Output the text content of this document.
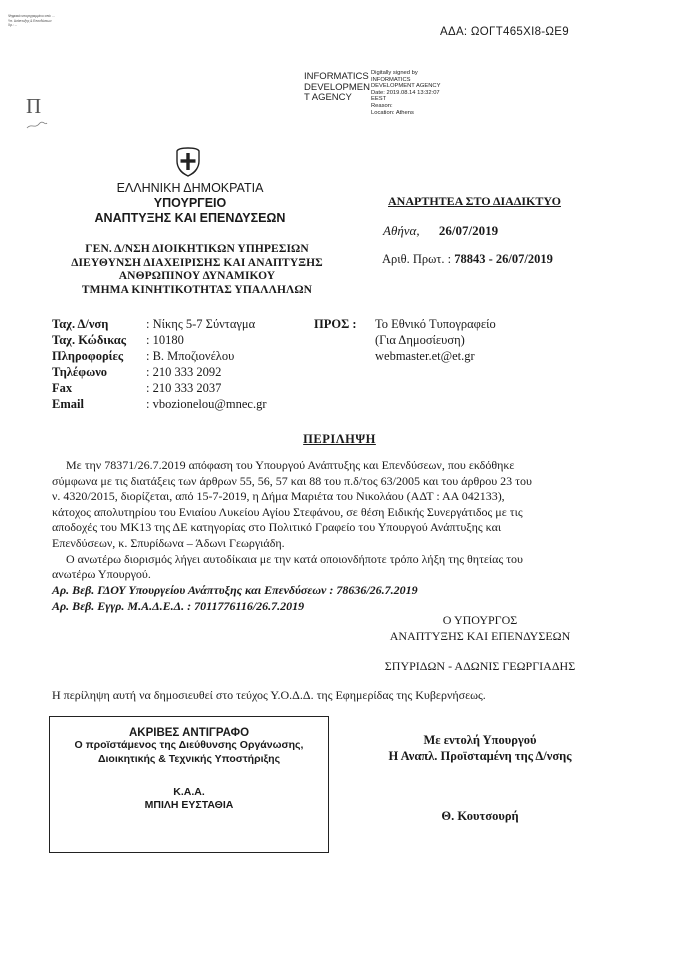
Ψηφιακά υπογεγραμμένο από: ...
Υπ. Ανάπτυξης & Επενδύσεων
Χρ.: ...
Π
ΑΔΑ: ΩΟΓΤ465ΧΙ8-ΩΕ9
INFORMATICS
DEVELOPMEN
T AGENCY
Digitally signed by
INFORMATICS
DEVELOPMENT AGENCY
Date: 2019.08.14 13:32:07
EEST
Reason:
Location: Athens
ΕΛΛΗΝΙΚΗ ΔΗΜΟΚΡΑΤΙΑ
ΥΠΟΥΡΓΕΙΟ
ΑΝΑΠΤΥΞΗΣ ΚΑΙ ΕΠΕΝΔΥΣΕΩΝ
ΑΝΑΡΤΗΤΕΑ ΣΤΟ ΔΙΑΔΙΚΤΥΟ
Αθήνα, 26/07/2019
Αριθ. Πρωτ. : 78843 - 26/07/2019
ΓΕΝ. Δ/ΝΣΗ ΔΙΟΙΚΗΤΙΚΩΝ ΥΠΗΡΕΣΙΩΝ
ΔΙΕΥΘΥΝΣΗ ΔΙΑΧΕΙΡΙΣΗΣ ΚΑΙ ΑΝΑΠΤΥΞΗΣ
ΑΝΘΡΩΠΙΝΟΥ ΔΥΝΑΜΙΚΟΥ
ΤΜΗΜΑ ΚΙΝΗΤΙΚΟΤΗΤΑΣ ΥΠΑΛΛΗΛΩΝ
Ταχ. Δ/νση	: Νίκης 5-7 Σύνταγμα
Ταχ. Κώδικας	: 10180
Πληροφορίες	: Β. Μποζιονέλου
Τηλέφωνο	: 210 333 2092
Fax	: 210 333 2037
Email	: vbozionelou@mnec.gr
ΠΡΟΣ : Το Εθνικό Τυπογραφείο
(Για Δημοσίευση)
webmaster.et@et.gr
ΠΕΡΙΛΗΨΗ
Με την 78371/26.7.2019 απόφαση του Υπουργού Ανάπτυξης και Επενδύσεων, που εκδόθηκε
σύμφωνα με τις διατάξεις των άρθρων 55, 56, 57 και 88 του π.δ/τος 63/2005 και του άρθρου 23 του
ν. 4320/2015, διορίζεται, από 15-7-2019, η Δήμα Μαριέτα του Νικολάου (ΑΔΤ : ΑΑ 042133),
κάτοχος απολυτηρίου του Ενιαίου Λυκείου Αγίου Στεφάνου, σε θέση Ειδικής Συνεργάτιδος με τις
αποδοχές του ΜΚ13 της ΔΕ κατηγορίας στο Πολιτικό Γραφείο του Υπουργού Ανάπτυξης και
Επενδύσεων, κ. Σπυρίδωνα – Άδωνι Γεωργιάδη.
Ο ανωτέρω διορισμός λήγει αυτοδίκαια με την κατά οποιονδήποτε τρόπο λήξη της θητείας του
ανωτέρω Υπουργού.
Αρ. Βεβ. ΓΔΟΥ Υπουργείου Ανάπτυξης και Επενδύσεων : 78636/26.7.2019
Αρ. Βεβ. Εγγρ. Μ.Α.Δ.Ε.Δ. : 7011776116/26.7.2019
Ο ΥΠΟΥΡΓΟΣ
ΑΝΑΠΤΥΞΗΣ ΚΑΙ ΕΠΕΝΔΥΣΕΩΝ
ΣΠΥΡΙΔΩΝ - ΑΔΩΝΙΣ ΓΕΩΡΓΙΑΔΗΣ
Η περίληψη αυτή να δημοσιευθεί στο τεύχος Υ.Ο.Δ.Δ. της Εφημερίδας της Κυβερνήσεως.
ΑΚΡΙΒΕΣ ΑΝΤΙΓΡΑΦΟ
Ο προϊστάμενος της Διεύθυνσης Οργάνωσης,
Διοικητικής & Τεχνικής Υποστήριξης
Κ.Α.Α.
ΜΠΙΛΗ ΕΥΣΤΑΘΙΑ
Με εντολή Υπουργού
Η Αναπλ. Προϊσταμένη της Δ/νσης
Θ. Κουτσουρή
